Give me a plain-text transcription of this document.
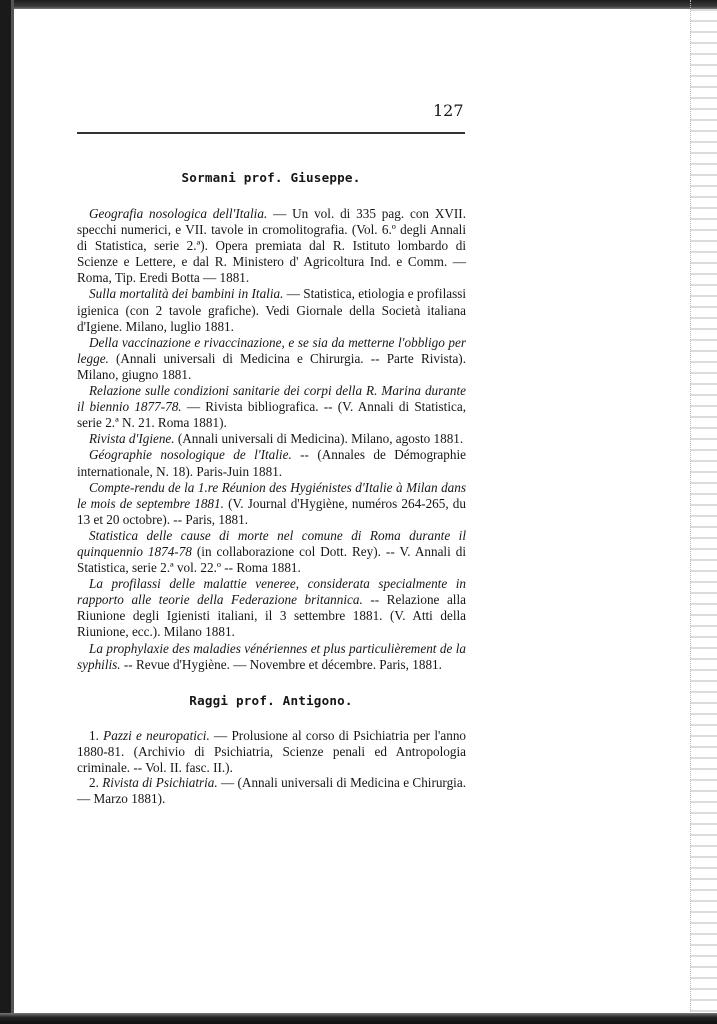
127
Sormani prof. Giuseppe.

Geografia nosologica dell'Italia. — Un vol. di 335 pag. con XVII. specchi numerici, e VII. tavole in cromolitografia. (Vol. 6.º degli Annali di Statistica, serie 2.ª). Opera premiata dal R. Istituto lombardo di Scienze e Lettere, e dal R. Ministero d' Agricoltura Ind. e Comm. — Roma, Tip. Eredi Botta — 1881.

Sulla mortalità dei bambini in Italia. — Statistica, etiologia e profilassi igienica (con 2 tavole grafiche). Vedi Giornale della Società italiana d'Igiene. Milano, luglio 1881.

Della vaccinazione e rivaccinazione, e se sia da metterne l'obbligo per legge. (Annali universali di Medicina e Chirurgia. -- Parte Rivista). Milano, giugno 1881.

Relazione sulle condizioni sanitarie dei corpi della R. Marina durante il biennio 1877-78. — Rivista bibliografica. -- (V. Annali di Statistica, serie 2.ª N. 21. Roma 1881).

Rivista d'Igiene. (Annali universali di Medicina). Milano, agosto 1881.

Géographie nosologique de l'Italie. -- (Annales de Démographie internationale, N. 18). Paris-Juin 1881.

Compte-rendu de la 1.re Réunion des Hygiénistes d'Italie à Milan dans le mois de septembre 1881. (V. Journal d'Hygiène, numéros 264-265, du 13 et 20 octobre). -- Paris, 1881.

Statistica delle cause di morte nel comune di Roma durante il quinquennio 1874-78 (in collaborazione col Dott. Rey). -- V. Annali di Statistica, serie 2.ª vol. 22.º -- Roma 1881.

La profilassi delle malattie veneree, considerata specialmente in rapporto alle teorie della Federazione britannica. -- Relazione alla Riunione degli Igienisti italiani, il 3 settembre 1881. (V. Atti della Riunione, ecc.). Milano 1881.

La prophylaxie des maladies vénériennes et plus particulièrement de la syphilis. -- Revue d'Hygiène. — Novembre et décembre. Paris, 1881.

Raggi prof. Antigono.

1. Pazzi e neuropatici. — Prolusione al corso di Psichiatria per l'anno 1880-81. (Archivio di Psichiatria, Scienze penali ed Antropologia criminale. -- Vol. II. fasc. II.).

2. Rivista di Psichiatria. — (Annali universali di Medicina e Chirurgia. — Marzo 1881).
